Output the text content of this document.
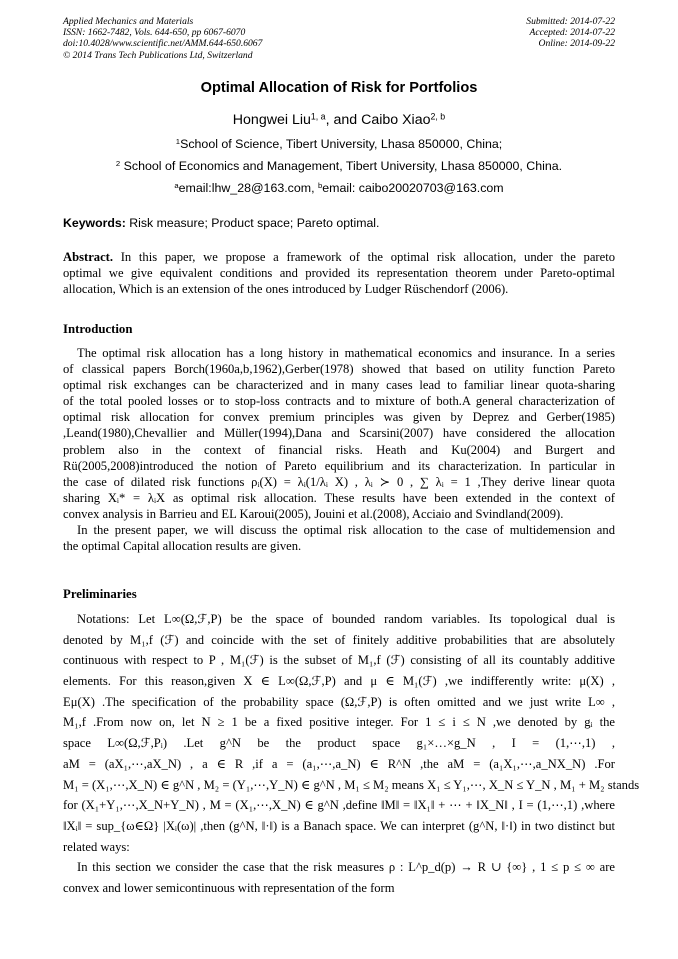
Applied Mechanics and Materials
ISSN: 1662-7482, Vols. 644-650, pp 6067-6070
doi:10.4028/www.scientific.net/AMM.644-650.6067
© 2014 Trans Tech Publications Ltd, Switzerland
Submitted: 2014-07-22
Accepted: 2014-07-22
Online: 2014-09-22
Optimal Allocation of Risk for Portfolios
Hongwei Liu$^{1, a}$, and Caibo Xiao$^{2, b}$
$^1$School of Science, Tibert University, Lhasa 850000, China;
$^2$ School of Economics and Management, Tibert University, Lhasa 850000, China.
$^a$email:lhw_28@163.com, $^b$email: caibo20020703@163.com
Keywords: Risk measure; Product space; Pareto optimal.
Abstract. In this paper, we propose a framework of the optimal risk allocation, under the pareto
optimal we give equivalent conditions and provided its representation theorem under Pareto-optimal
allocation, Which is an extension of the ones introduced by Ludger Rüschendorf (2006).
Introduction
The optimal risk allocation has a long history in mathematical economics and insurance. In a series
of classical papers Borch(1960a,b,1962),Gerber(1978) showed that based on utility function Pareto
optimal risk exchanges can be characterized and in many cases lead to familiar linear quota-sharing
of the total pooled losses or to stop-loss contracts and to mixture of both.A general characterization of
optimal risk allocation for convex premium principles was given by Deprez and Gerber(1985)
,Leand(1980),Chevallier and Müller(1994),Dana and Scarsini(2007) have considered the allocation
problem also in the context of financial risks. Heath and Ku(2004) and Burgert and
Rü(2005,2008)introduced the notion of Pareto equilibrium and its characterization. In particular in
the case of dilated risk functions ρᵢ(X) = λᵢ(1/λᵢ X) , λᵢ ≻ 0 , ∑ λᵢ = 1 ,They derive linear quota
sharing Xᵢ* = λᵢX as optimal risk allocation. These results have been extended in the context of
convex analysis in Barrieu and EL Karoui(2005), Jouini et al.(2008), Acciaio and Svindland(2009).
In the present paper, we will discuss the optimal risk allocation to the case of multidemension and
the optimal Capital allocation results are given.
Preliminaries
Notations: Let L∞(Ω,ℱ,P) be the space of bounded random variables. Its topological dual is
denoted by M₁,f (ℱ) and coincide with the set of finitely additive probabilities that are absolutely
continuous with respect to P , M₁(ℱ) is the subset of M₁,f (ℱ) consisting of all its countably additive
elements. For this reason,given X ∈ L∞(Ω,ℱ,P) and μ ∈ M₁(ℱ) ,we indifferently write: μ(X) ,
Eμ(X) .The specification of the probability space (Ω,ℱ,P) is often omitted and we just write L∞ ,
M₁,f .From now on, let N ≥ 1 be a fixed positive integer. For 1 ≤ i ≤ N ,we denoted by gᵢ the
space L∞(Ω,ℱ,Pᵢ) .Let g^N be the product space g₁×…×g_N , I = (1,⋯,1) ,
aM = (aX₁,⋯,aX_N) , a ∈ R ,if a = (a₁,⋯,a_N) ∈ R^N ,the aM = (a₁X₁,⋯,a_NX_N) .For
M₁ = (X₁,⋯,X_N) ∈ g^N , M₂ = (Y₁,⋯,Y_N) ∈ g^N , M₁ ≤ M₂ means X₁ ≤ Y₁,⋯, X_N ≤ Y_N , M₁ + M₂ stands
for (X₁+Y₁,⋯,X_N+Y_N) , M = (X₁,⋯,X_N) ∈ g^N ,define ‖M‖ = ‖X₁‖ + ⋯ + ‖X_N‖ , I = (1,⋯,1) ,where
‖Xᵢ‖ = sup_{ω∈Ω} |Xᵢ(ω)| ,then (g^N, ‖·‖) is a Banach space. We can interpret (g^N, ‖·‖) in two distinct but
related ways:
In this section we consider the case that the risk measures ρ : L^p_d(p) → R ∪ {∞} , 1 ≤ p ≤ ∞ are
convex and lower semicontinuous with representation of the form
